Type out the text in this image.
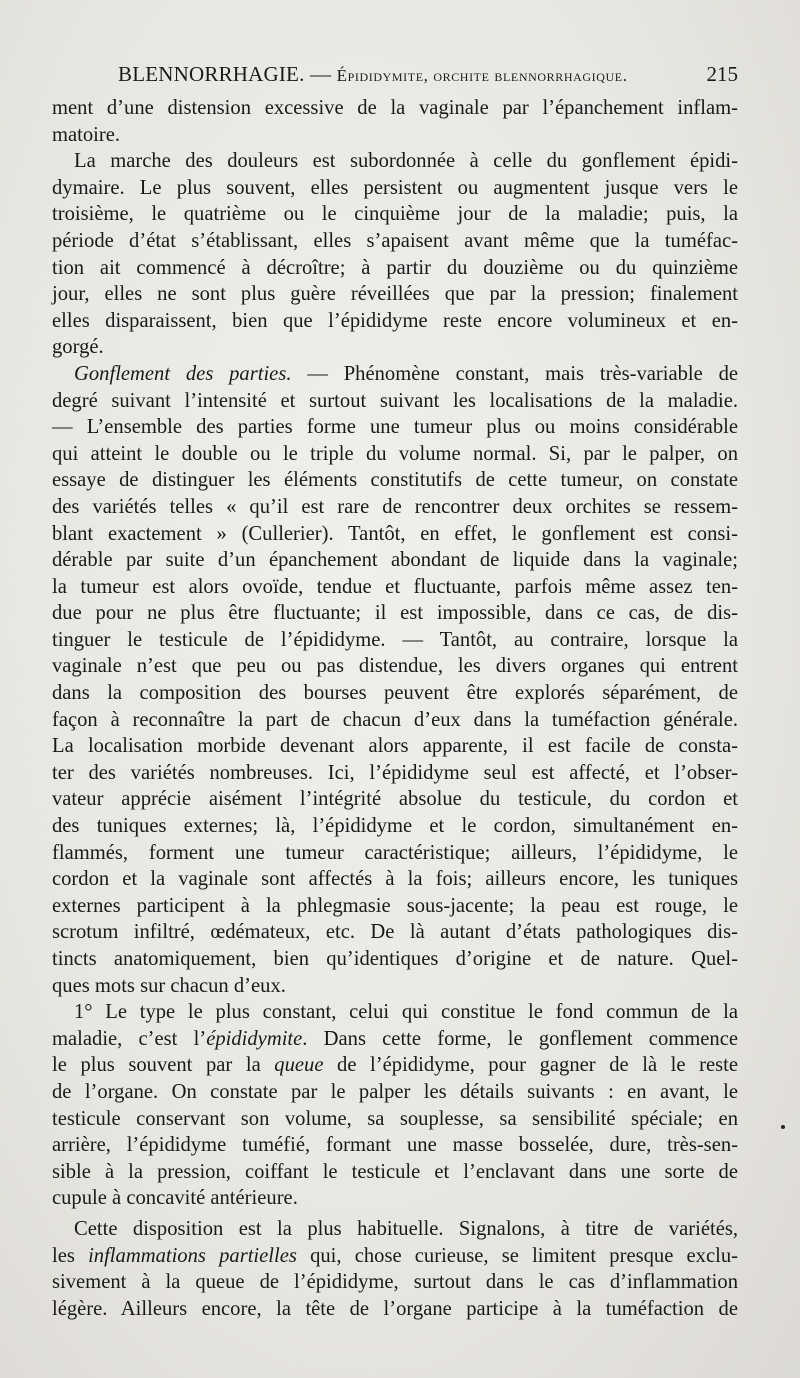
BLENNORRHAGIE. — Épididymite, orchite blennorrhagique.	215
ment d’une distension excessive de la vaginale par l’épanchement inflam-
matoire.
La marche des douleurs est subordonnée à celle du gonflement épidi-
dymaire. Le plus souvent, elles persistent ou augmentent jusque vers le
troisième, le quatrième ou le cinquième jour de la maladie; puis, la
période d’état s’établissant, elles s’apaisent avant même que la tuméfac-
tion ait commencé à décroître; à partir du douzième ou du quinzième
jour, elles ne sont plus guère réveillées que par la pression; finalement
elles disparaissent, bien que l’épididyme reste encore volumineux et en-
gorgé.
Gonflement des parties. — Phénomène constant, mais très-variable de
degré suivant l’intensité et surtout suivant les localisations de la maladie.
— L’ensemble des parties forme une tumeur plus ou moins considérable
qui atteint le double ou le triple du volume normal. Si, par le palper, on
essaye de distinguer les éléments constitutifs de cette tumeur, on constate
des variétés telles « qu’il est rare de rencontrer deux orchites se ressem-
blant exactement » (Cullerier). Tantôt, en effet, le gonflement est consi-
dérable par suite d’un épanchement abondant de liquide dans la vaginale;
la tumeur est alors ovoïde, tendue et fluctuante, parfois même assez ten-
due pour ne plus être fluctuante; il est impossible, dans ce cas, de dis-
tinguer le testicule de l’épididyme. — Tantôt, au contraire, lorsque la
vaginale n’est que peu ou pas distendue, les divers organes qui entrent
dans la composition des bourses peuvent être explorés séparément, de
façon à reconnaître la part de chacun d’eux dans la tuméfaction générale.
La localisation morbide devenant alors apparente, il est facile de consta-
ter des variétés nombreuses. Ici, l’épididyme seul est affecté, et l’obser-
vateur apprécie aisément l’intégrité absolue du testicule, du cordon et
des tuniques externes; là, l’épididyme et le cordon, simultanément en-
flammés, forment une tumeur caractéristique; ailleurs, l’épididyme, le
cordon et la vaginale sont affectés à la fois; ailleurs encore, les tuniques
externes participent à la phlegmasie sous-jacente; la peau est rouge, le
scrotum infiltré, œdémateux, etc. De là autant d’états pathologiques dis-
tincts anatomiquement, bien qu’identiques d’origine et de nature. Quel-
ques mots sur chacun d’eux.
1° Le type le plus constant, celui qui constitue le fond commun de la
maladie, c’est l’épididymite. Dans cette forme, le gonflement commence
le plus souvent par la queue de l’épididyme, pour gagner de là le reste
de l’organe. On constate par le palper les détails suivants : en avant, le
testicule conservant son volume, sa souplesse, sa sensibilité spéciale; en
arrière, l’épididyme tuméfié, formant une masse bosselée, dure, très-sen-
sible à la pression, coiffant le testicule et l’enclavant dans une sorte de
cupule à concavité antérieure.
Cette disposition est la plus habituelle. Signalons, à titre de variétés,
les inflammations partielles qui, chose curieuse, se limitent presque exclu-
sivement à la queue de l’épididyme, surtout dans le cas d’inflammation
légère. Ailleurs encore, la tête de l’organe participe à la tuméfaction de
